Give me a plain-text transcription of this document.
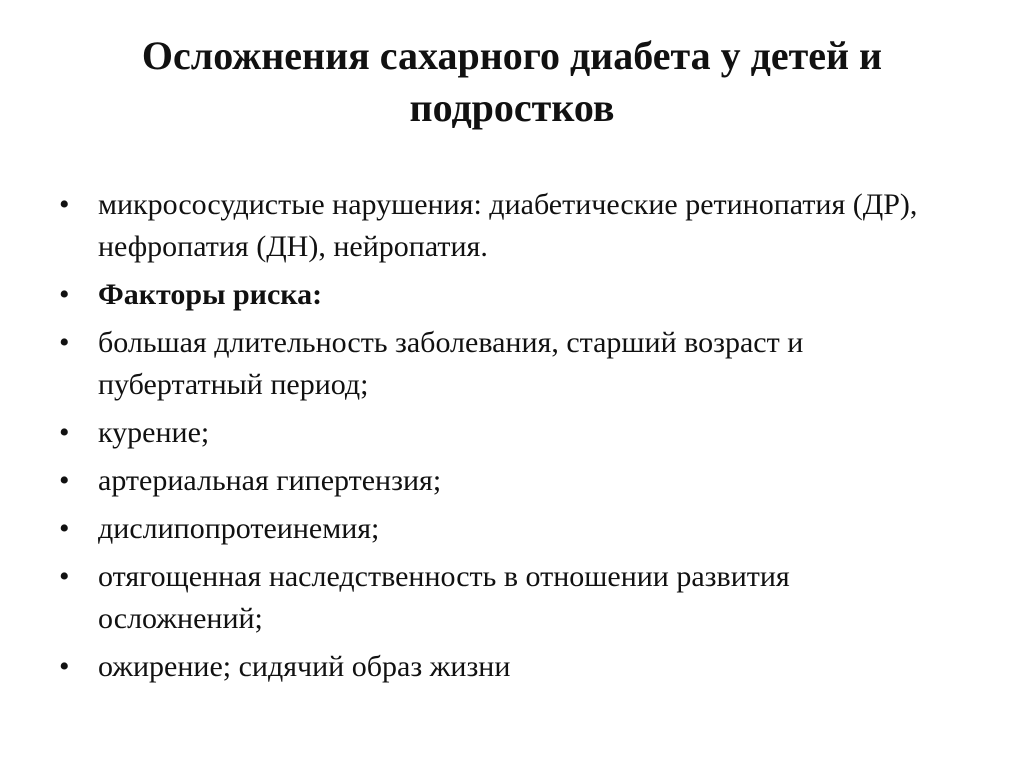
Осложнения сахарного диабета у детей и подростков
• микрососудистые нарушения: диабетические ретинопатия (ДР), нефропатия (ДН), нейропатия.
• Факторы риска:
• большая длительность заболевания, старший возраст и пубертатный период;
• курение;
• артериальная гипертензия;
• дислипопротеинемия;
• отягощенная наследственность в отношении развития осложнений;
• ожирение; сидячий образ жизни
